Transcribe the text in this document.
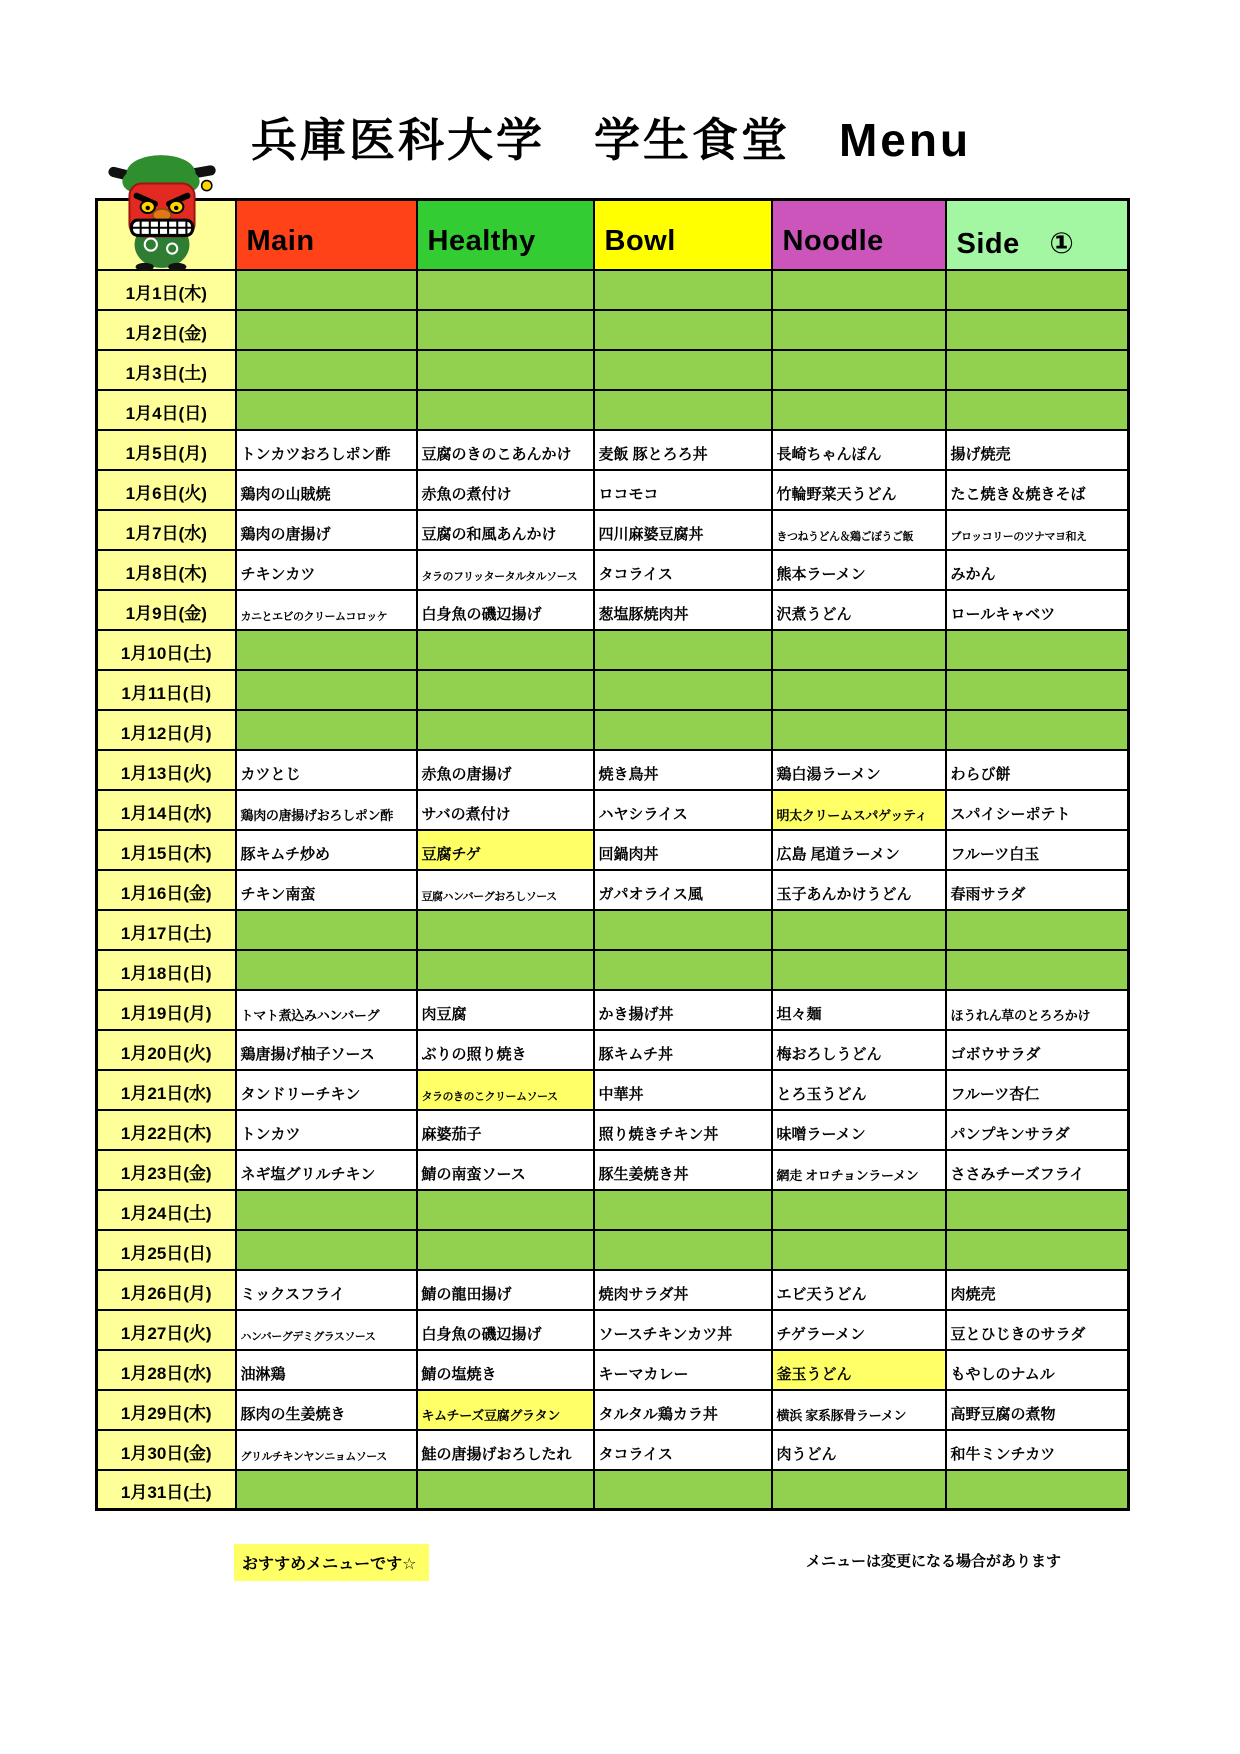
兵庫医科大学　学生食堂　Menu
	Main	Healthy	Bowl	Noodle	Side　①
1月1日(木)					
1月2日(金)					
1月3日(土)					
1月4日(日)					
1月5日(月)	トンカツおろしポン酢	豆腐のきのこあんかけ	麦飯 豚とろろ丼	長崎ちゃんぽん	揚げ焼売
1月6日(火)	鶏肉の山賊焼	赤魚の煮付け	ロコモコ	竹輪野菜天うどん	たこ焼き＆焼きそば
1月7日(水)	鶏肉の唐揚げ	豆腐の和風あんかけ	四川麻婆豆腐丼	きつねうどん＆鶏ごぼうご飯	ブロッコリーのツナマヨ和え
1月8日(木)	チキンカツ	タラのフリッタータルタルソース	タコライス	熊本ラーメン	みかん
1月9日(金)	カニとエビのクリームコロッケ	白身魚の磯辺揚げ	葱塩豚焼肉丼	沢煮うどん	ロールキャベツ
1月10日(土)					
1月11日(日)					
1月12日(月)					
1月13日(火)	カツとじ	赤魚の唐揚げ	焼き鳥丼	鶏白湯ラーメン	わらび餅
1月14日(水)	鶏肉の唐揚げおろしポン酢	サバの煮付け	ハヤシライス	明太クリームスパゲッティ	スパイシーポテト
1月15日(木)	豚キムチ炒め	豆腐チゲ	回鍋肉丼	広島 尾道ラーメン	フルーツ白玉
1月16日(金)	チキン南蛮	豆腐ハンバーグおろしソース	ガパオライス風	玉子あんかけうどん	春雨サラダ
1月17日(土)					
1月18日(日)					
1月19日(月)	トマト煮込みハンバーグ	肉豆腐	かき揚げ丼	坦々麺	ほうれん草のとろろかけ
1月20日(火)	鶏唐揚げ柚子ソース	ぶりの照り焼き	豚キムチ丼	梅おろしうどん	ゴボウサラダ
1月21日(水)	タンドリーチキン	タラのきのこクリームソース	中華丼	とろ玉うどん	フルーツ杏仁
1月22日(木)	トンカツ	麻婆茄子	照り焼きチキン丼	味噌ラーメン	パンプキンサラダ
1月23日(金)	ネギ塩グリルチキン	鯖の南蛮ソース	豚生姜焼き丼	網走 オロチョンラーメン	ささみチーズフライ
1月24日(土)					
1月25日(日)					
1月26日(月)	ミックスフライ	鯖の龍田揚げ	焼肉サラダ丼	エビ天うどん	肉焼売
1月27日(火)	ハンバーグデミグラスソース	白身魚の磯辺揚げ	ソースチキンカツ丼	チゲラーメン	豆とひじきのサラダ
1月28日(水)	油淋鶏	鯖の塩焼き	キーマカレー	釜玉うどん	もやしのナムル
1月29日(木)	豚肉の生姜焼き	キムチーズ豆腐グラタン	タルタル鶏カラ丼	横浜 家系豚骨ラーメン	高野豆腐の煮物
1月30日(金)	グリルチキンヤンニョムソース	鮭の唐揚げおろしたれ	タコライス	肉うどん	和牛ミンチカツ
1月31日(土)					
おすすめメニューです☆	メニューは変更になる場合があります
